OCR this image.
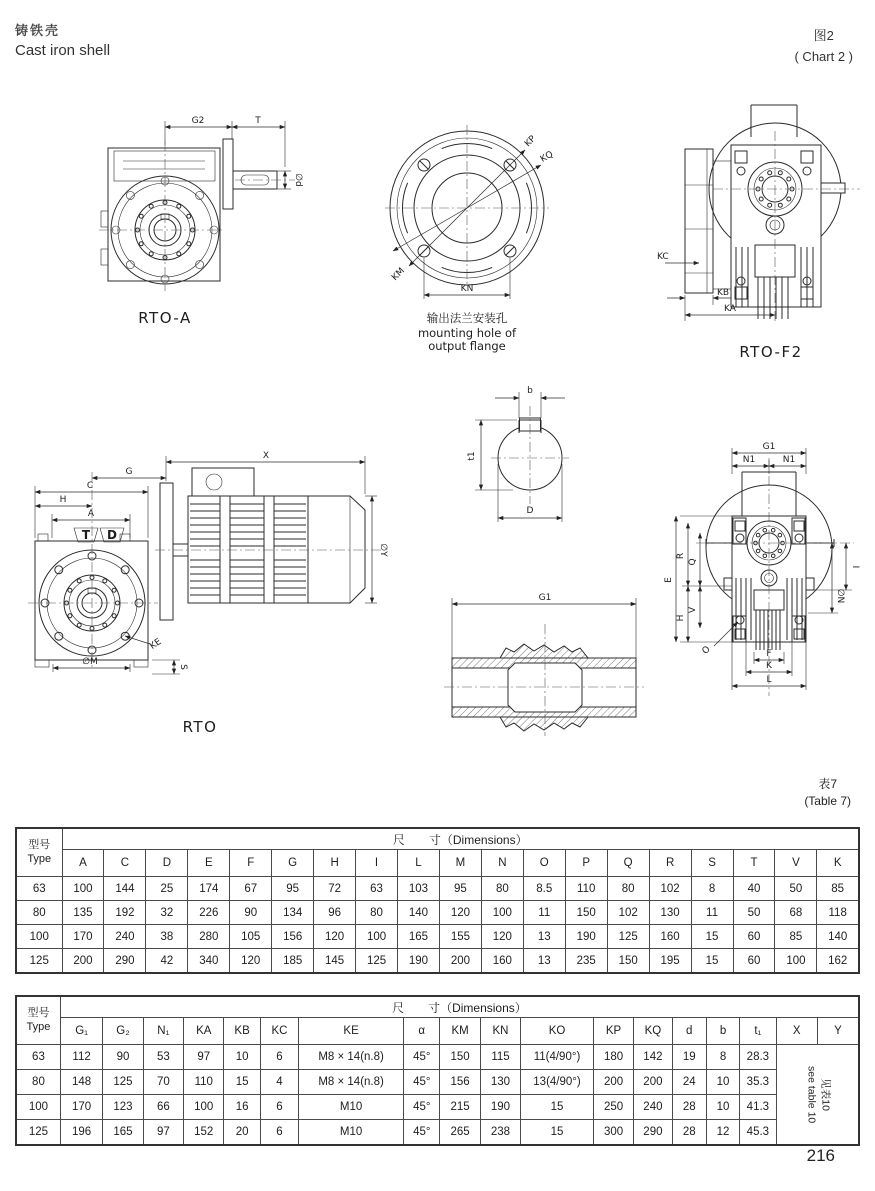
铸铁壳
Cast iron shell
图2
( Chart 2 )
G2	T
∅d
RTO-A
KP
KQ
KM
KN
输出法兰安装孔
mounting hole of
output flange
KC
KB
KA
RTO-F2
X
G
C
H
A
T D
∅Y
∅M
KE
S
RTO
b
t1
D
G1
G1
N1	N1
E
R
Q
V
H
I
∅N
O	F
K
L
表7
(Table 7)
型号
Type	尺　　寸（Dimensions）																		
	A	C	D	E	F	G	H	I	L	M	N	O	P	Q	R	S	T	V	K
63	100	144	25	174	67	95	72	63	103	95	80	8.5	110	80	102	8	40	50	85
80	135	192	32	226	90	134	96	80	140	120	100	11	150	102	130	11	50	68	118
100	170	240	38	280	105	156	120	100	165	155	120	13	190	125	160	15	60	85	140
125	200	290	42	340	120	185	145	125	190	200	160	13	235	150	195	15	60	100	162
型号
Type	尺　　寸（Dimensions）																	
	G₁	G₂	N₁	KA	KB	KC	KE	α	KM	KN	KO	KP	KQ	d	b	t₁	X	Y
63	112	90	53	97	10	6	M8 × 14(n.8)	45°	150	115	11(4/90°)	180	142	19	8	28.3	见表10
see table 10	

80	148	125	70	110	15	4	M8 × 14(n.8)	45°	156	130	13(4/90°)	200	200	24	10	35.3		
100	170	123	66	100	16	6	M10	45°	215	190	15	250	240	28	10	41.3		
125	196	165	97	152	20	6	M10	45°	265	238	15	300	290	28	12	45.3		
216
